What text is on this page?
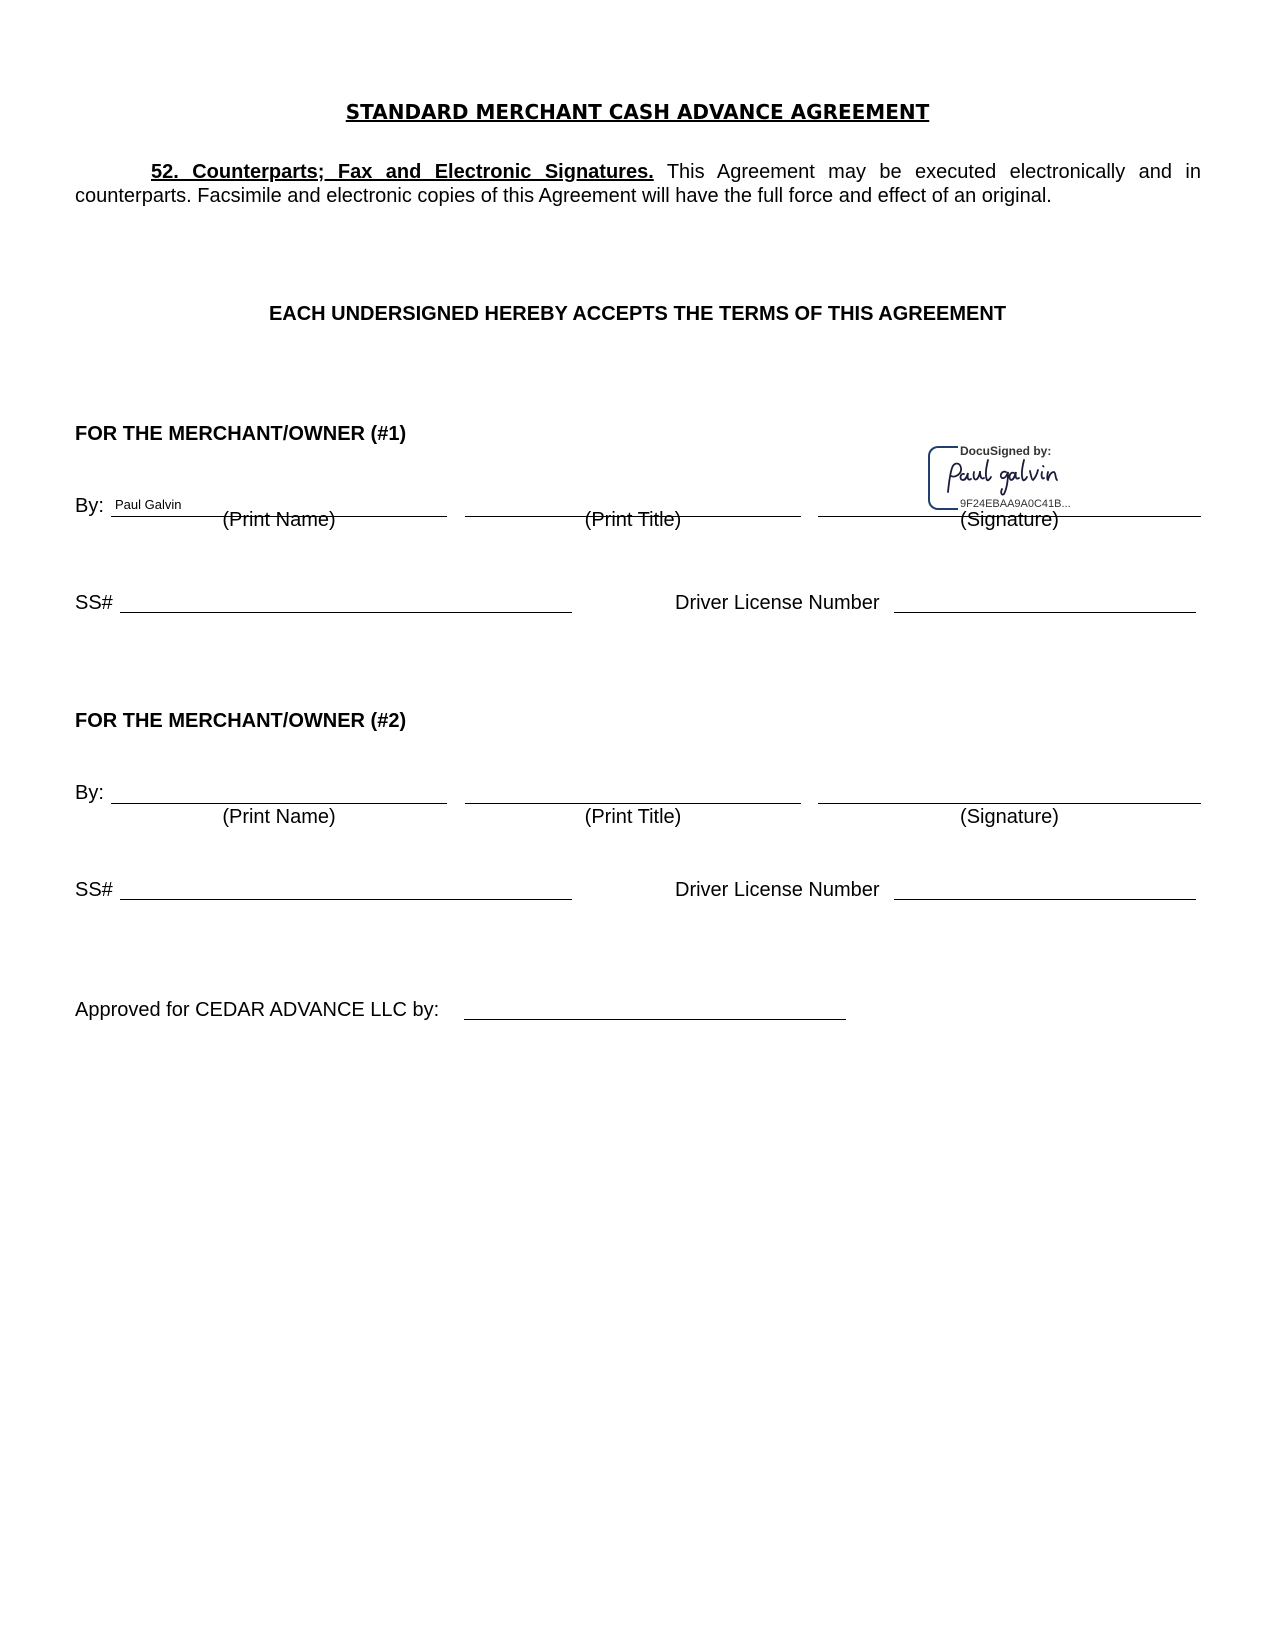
STANDARD MERCHANT CASH ADVANCE AGREEMENT
52. Counterparts; Fax and Electronic Signatures. This Agreement may be executed electronically and in counterparts. Facsimile and electronic copies of this Agreement will have the full force and effect of an original.
EACH UNDERSIGNED HEREBY ACCEPTS THE TERMS OF THIS AGREEMENT
FOR THE MERCHANT/OWNER (#1)
By: Paul Galvin
DocuSigned by:
9F24EBAA9A0C41B...
(Print Name)	(Print Title)	(Signature)
SS#	Driver License Number
FOR THE MERCHANT/OWNER (#2)
By:
(Print Name)	(Print Title)	(Signature)
SS#	Driver License Number
Approved for CEDAR ADVANCE LLC by:
